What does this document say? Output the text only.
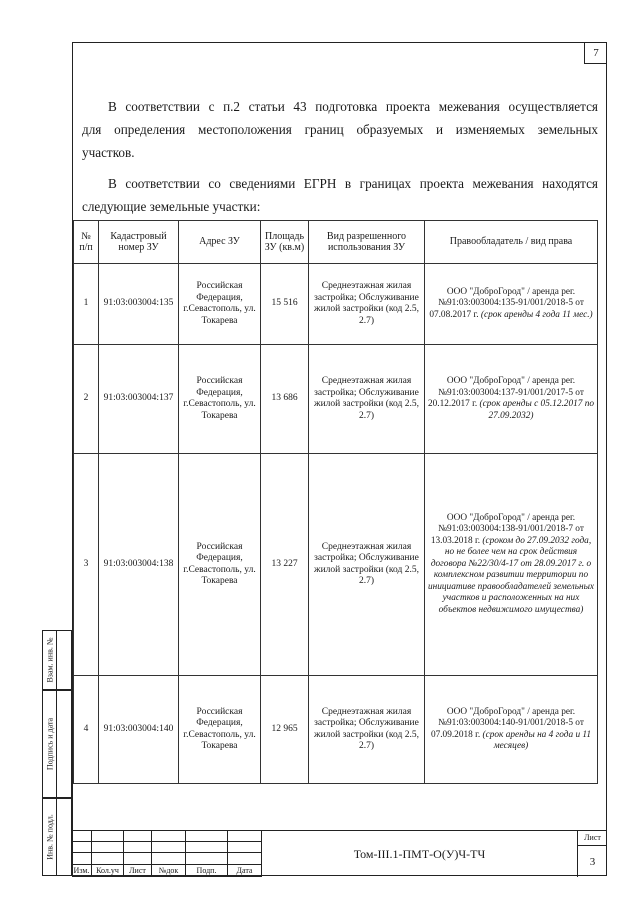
7
В соответствии с п.2 статьи 43 подготовка проекта межевания осуществляется
для определения местоположения границ образуемых и изменяемых земельных
участков.
В соответствии со сведениями ЕГРН в границах проекта межевания находятся
следующие земельные участки:
№ п/п	Кадастровый номер ЗУ	Адрес ЗУ	Площадь ЗУ (кв.м)	Вид разрешенного использования ЗУ	Правообладатель / вид права
1	91:03:003004:135	Российская Федерация, г.Севастополь, ул. Токарева	15 516	Среднеэтажная жилая застройка; Обслуживание жилой застройки (код 2.5, 2.7)	ООО "ДоброГород" / аренда рег.№91:03:003004:135-91/001/2018-5 от 07.08.2017 г. (срок аренды 4 года 11 мес.)
2	91:03:003004:137	Российская Федерация, г.Севастополь, ул. Токарева	13 686	Среднеэтажная жилая застройка; Обслуживание жилой застройки (код 2.5, 2.7)	ООО "ДоброГород" / аренда рег.№91:03:003004:137-91/001/2017-5 от 20.12.2017 г. (срок аренды с 05.12.2017 по 27.09.2032)
3	91:03:003004:138	Российская Федерация, г.Севастополь, ул. Токарева	13 227	Среднеэтажная жилая застройка; Обслуживание жилой застройки (код 2.5, 2.7)	ООО "ДоброГород" / аренда рег.№91:03:003004:138-91/001/2018-7 от 13.03.2018 г. (сроком до 27.09.2032 года, но не более чем на срок действия договора №22/30/4-17 от 28.09.2017 г. о комплексном развитии территории по инициативе правообладателей земельных участков и расположенных на них объектов недвижимого имущества)
4	91:03:003004:140	Российская Федерация, г.Севастополь, ул. Токарева	12 965	Среднеэтажная жилая застройка; Обслуживание жилой застройки (код 2.5, 2.7)	ООО "ДоброГород" / аренда рег.№91:03:003004:140-91/001/2018-5 от 07.09.2018 г. (срок аренды на 4 года и 11 месяцев)
Взам. инв. №
Подпись и дата
Инв. № подл.
Изм. Кол.уч	Лист	№док	Подп.	Дата
Том-III.1-ПМТ-О(У)Ч-ТЧ
Лист
3
